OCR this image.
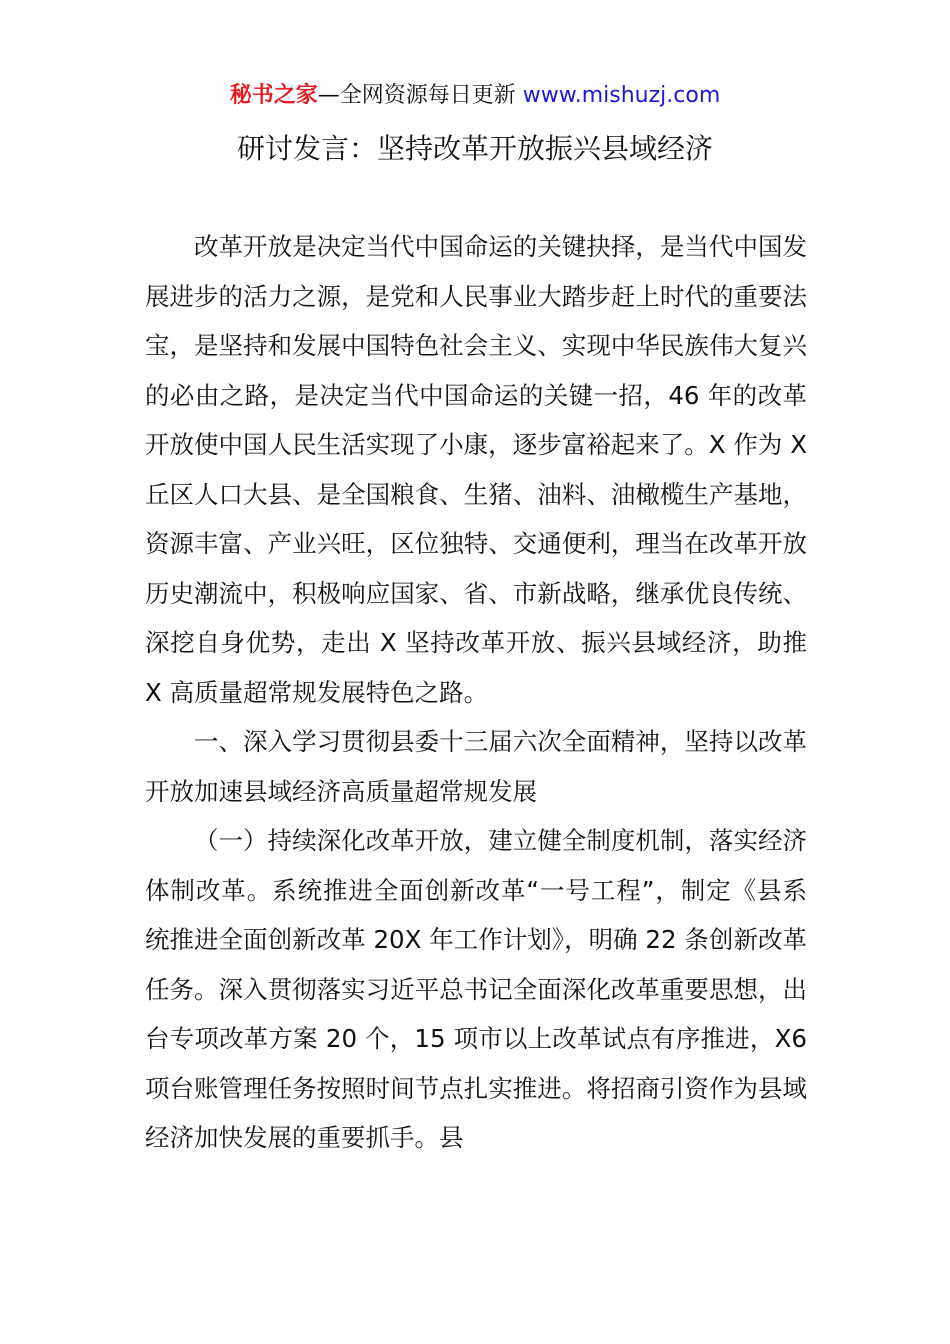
秘书之家—全网资源每日更新 www.mishuzj.com
研讨发言：坚持改革开放振兴县域经济

改革开放是决定当代中国命运的关键抉择，是当代中国发展进步的活力之源，是党和人民事业大踏步赶上时代的重要法宝，是坚持和发展中国特色社会主义、实现中华民族伟大复兴的必由之路，是决定当代中国命运的关键一招，46 年的改革开放使中国人民生活实现了小康，逐步富裕起来了。X 作为 X 丘区人口大县、是全国粮食、生猪、油料、油橄榄生产基地，资源丰富、产业兴旺，区位独特、交通便利，理当在改革开放历史潮流中，积极响应国家、省、市新战略，继承优良传统、深挖自身优势，走出 X 坚持改革开放、振兴县域经济，助推 X 高质量超常规发展特色之路。

一、深入学习贯彻县委十三届六次全面精神，坚持以改革开放加速县域经济高质量超常规发展

（一）持续深化改革开放，建立健全制度机制，落实经济体制改革。系统推进全面创新改革“一号工程”，制定《县系统推进全面创新改革 20X 年工作计划》，明确 22 条创新改革任务。深入贯彻落实习近平总书记全面深化改革重要思想，出台专项改革方案 20 个，15 项市以上改革试点有序推进，X6 项台账管理任务按照时间节点扎实推进。将招商引资作为县域经济加快发展的重要抓手。县
